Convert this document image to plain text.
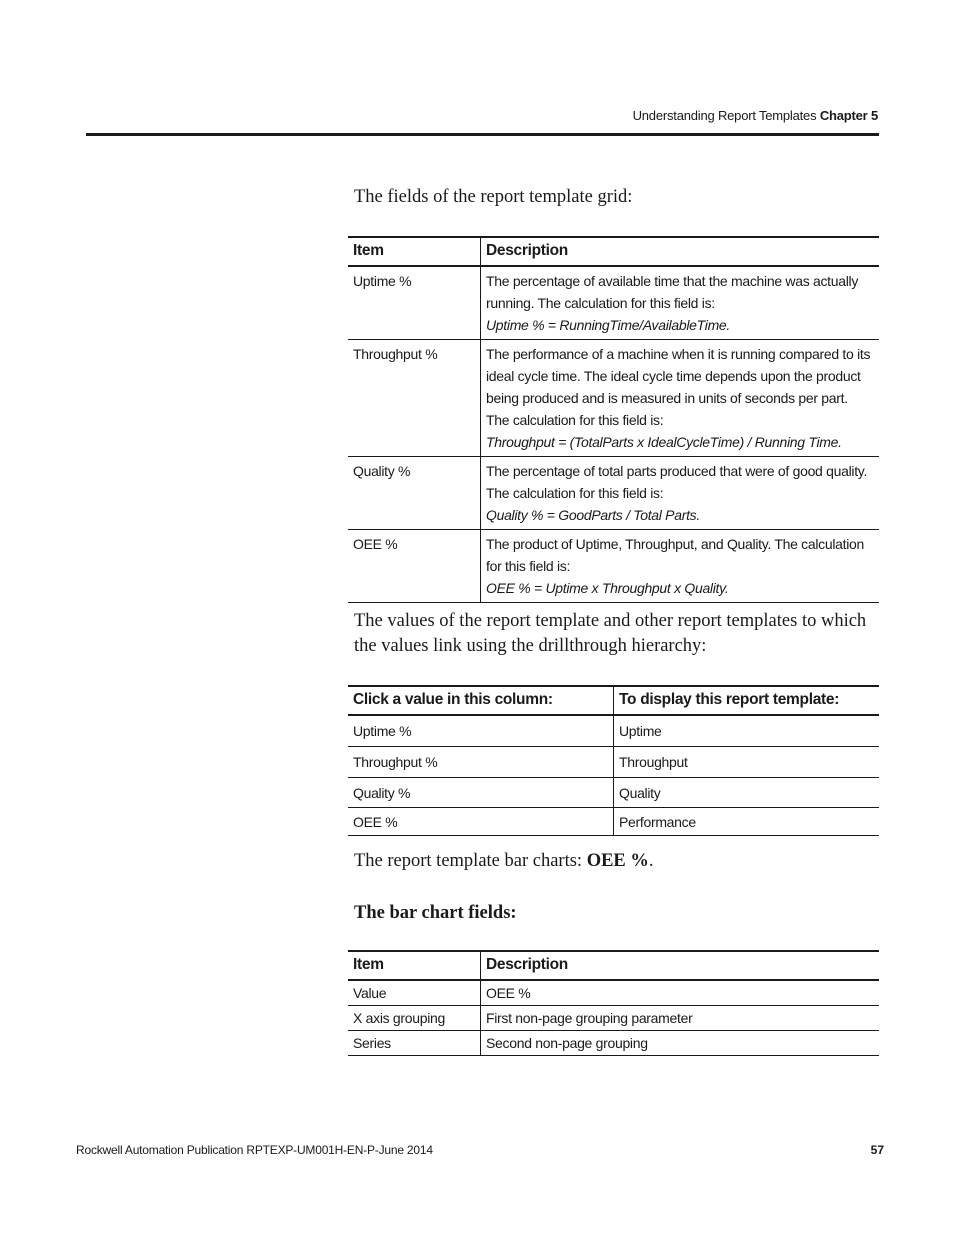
Understanding Report Templates Chapter 5
The fields of the report template grid:
Item	Description
Uptime %	The percentage of available time that the machine was actually running. The calculation for this field is:
Uptime % = RunningTime/AvailableTime.

Throughput %	The performance of a machine when it is running compared to its ideal cycle time. The ideal cycle time depends upon the product being produced and is measured in units of seconds per part. The calculation for this field is:
Throughput = (TotalParts x IdealCycleTime) / Running Time.

Quality %	The percentage of total parts produced that were of good quality. The calculation for this field is:
Quality % = GoodParts / Total Parts.

OEE %	The product of Uptime, Throughput, and Quality. The calculation for this field is:
OEE % = Uptime x Throughput x Quality.
The values of the report template and other report templates to which the values link using the drillthrough hierarchy:
Click a value in this column:	To display this report template:
Uptime %	Uptime
Throughput %	Throughput
Quality %	Quality
OEE %	Performance
The report template bar charts: OEE %.
The bar chart fields:
Item	Description
Value	OEE %
X axis grouping	First non-page grouping parameter
Series	Second non-page grouping
Rockwell Automation Publication RPTEXP-UM001H-EN-P-June 2014	57
